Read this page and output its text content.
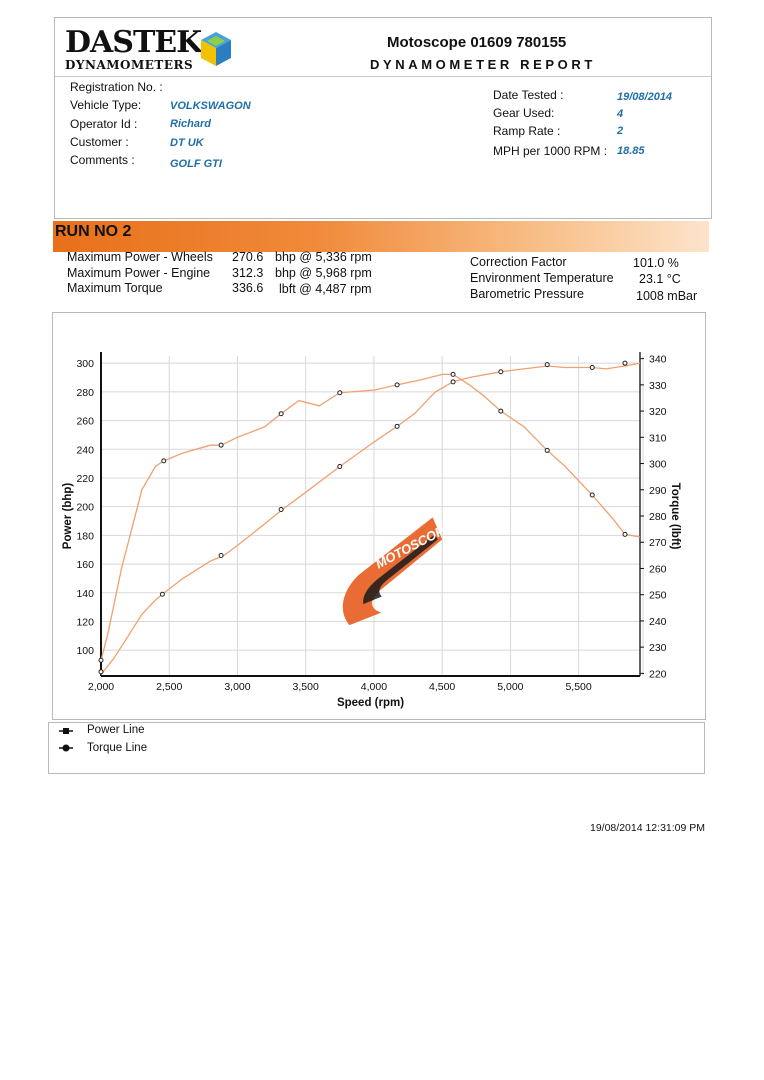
DASTEK
DYNAMOMETERS
Motoscope 01609 780155
DYNAMOMETER REPORT
Registration No. :
Vehicle Type:	VOLKSWAGON
Operator Id :	Richard
Customer :	DT UK
Comments :	GOLF GTI
Date Tested :	19/08/2014
Gear Used:	4
Ramp Rate :	2
MPH per 1000 RPM : 18.85
RUN NO 2
Maximum Power - Wheels 270.6 bhp @ 5,336 rpm
Maximum Power - Engine 312.3 bhp @ 5,968 rpm
Maximum Torque	336.6 lbft @ 4,487 rpm
Correction Factor	101.0 %
Environment Temperature 23.1 °C
Barometric Pressure	1008 mBar
MOTOSCOPE
2,000	2,500	3,000	3,500	4,000	4,500	5,000	5,500
100
120
140
160
180
200
220
240
260
280
300
220
230
240
250
260
270
280
290
300
310
320
330
340
Speed (rpm)
Power (bhp)	Torque (lbft)
Power Line
Torque Line
19/08/2014 12:31:09 PM
